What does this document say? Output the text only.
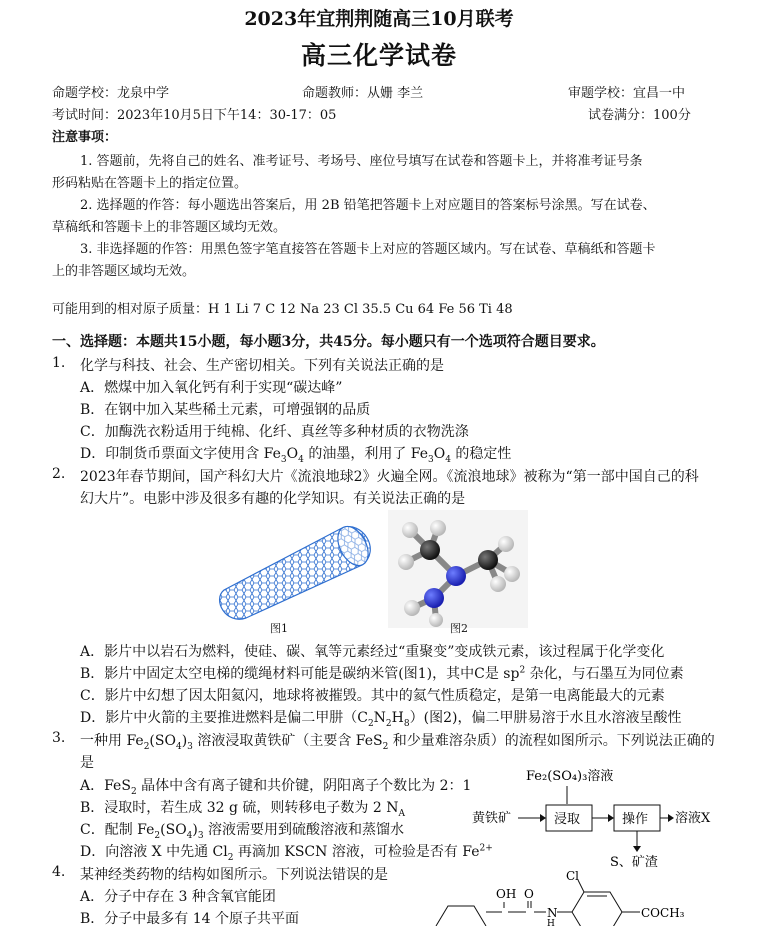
2023年宜荆荆随高三10月联考
高三化学试卷
命题学校：龙泉中学	命题教师：从姗 李兰	审题学校：宜昌一中
考试时间：2023年10月5日下午14：30-17：05	试卷满分：100分
注意事项：
1. 答题前，先将自己的姓名、准考证号、考场号、座位号填写在试卷和答题卡上，并将准考证号条
形码粘贴在答题卡上的指定位置。
2. 选择题的作答：每小题选出答案后，用 2B 铅笔把答题卡上对应题目的答案标号涂黑。写在试卷、
草稿纸和答题卡上的非答题区域均无效。
3. 非选择题的作答：用黑色签字笔直接答在答题卡上对应的答题区域内。写在试卷、草稿纸和答题卡
上的非答题区域均无效。
可能用到的相对原子质量：H 1 Li 7 C 12 Na 23 Cl 35.5 Cu 64 Fe 56 Ti 48
一、选择题：本题共15小题，每小题3分，共45分。每小题只有一个选项符合题目要求。
1. 化学与科技、社会、生产密切相关。下列有关说法正确的是
A．燃煤中加入氧化钙有利于实现“碳达峰”
B．在钢中加入某些稀土元素，可增强钢的品质
C．加酶洗衣粉适用于纯棉、化纤、真丝等多种材质的衣物洗涤
D．印制货币票面文字使用含 $Fe_3O_4$ 的油墨，利用了 $Fe_3O_4$ 的稳定性
2. 2023年春节期间，国产科幻大片《流浪地球2》火遍全网。《流浪地球》被称为“第一部中国自己的科
幻大片”。电影中涉及很多有趣的化学知识。有关说法正确的是
图1	图2
A．影片中以岩石为燃料，使硅、碳、氧等元素经过“重聚变”变成铁元素，该过程属于化学变化
B．影片中固定太空电梯的缆绳材料可能是碳纳米管(图1)，其中C是 $sp^2$ 杂化，与石墨互为同位素
C．影片中幻想了因太阳氦闪，地球将被摧毁。其中的氦气性质稳定，是第一电离能最大的元素
D．影片中火箭的主要推进燃料是偏二甲肼$(C_2N_2H_8)$(图2)，偏二甲肼易溶于水且水溶液呈酸性
3. 一种用 $Fe_2(SO_4)_3$ 溶液浸取黄铁矿（主要含 FeS$_2$ 和少量难溶杂质）的流程如图所示。下列说法正确的
是
A．FeS$_2$ 晶体中含有离子键和共价键，阴阳离子个数比为 2：1
B．浸取时，若生成 32 g 硫，则转移电子数为 2 $N_A$
C．配制 $Fe_2(SO_4)_3$ 溶液需要用到硫酸溶液和蒸馏水
D．向溶液 X 中先通 $Cl_2$ 再滴加 KSCN 溶液，可检验是否有 $Fe^{2+}$
Fe₂(SO₄)₃溶液
黄铁矿	浸取	操作 溶液X
S、矿渣
4. 某神经类药物的结构如图所示。下列说法错误的是
A．分子中存在 3 种含氧官能团
B．分子中最多有 14 个原子共平面
OH O
N
H
Cl
COCH₃
